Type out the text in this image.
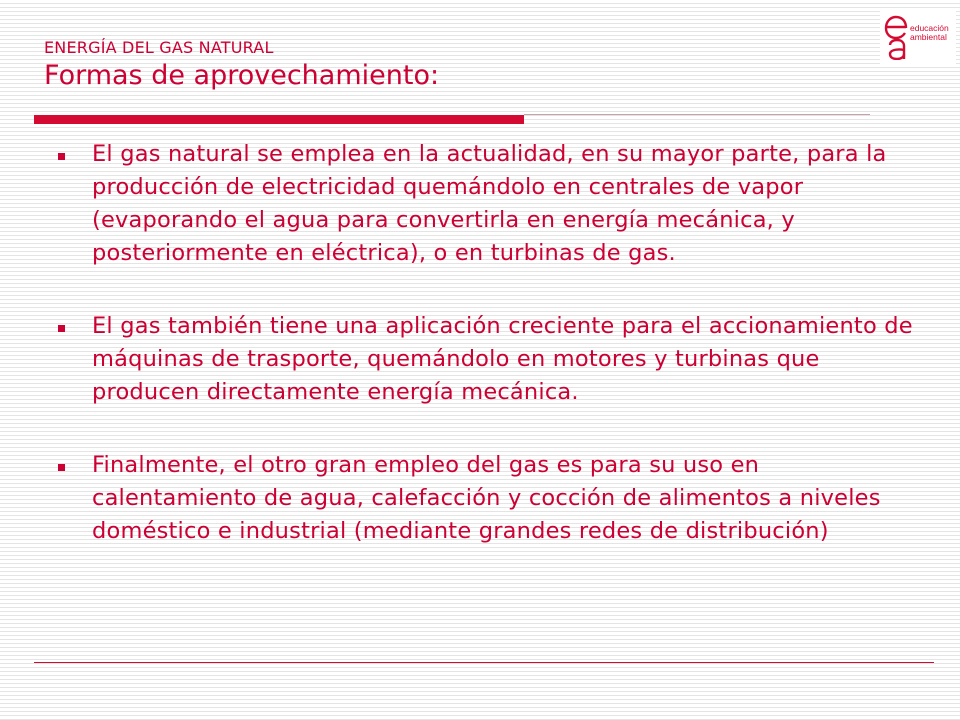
ENERGÍA DEL GAS NATURAL
Formas de aprovechamiento:
educación
ambiental
El gas natural se emplea en la actualidad, en su mayor parte, para la producción de electricidad quemándolo en centrales de vapor (evaporando el agua para convertirla en energía mecánica, y posteriormente en eléctrica), o en turbinas de gas.
El gas también tiene una aplicación creciente para el accionamiento de máquinas de trasporte, quemándolo en motores y turbinas que producen directamente energía mecánica.
Finalmente, el otro gran empleo del gas es para su uso en calentamiento de agua, calefacción y cocción de alimentos a niveles doméstico e industrial (mediante grandes redes de distribución)
